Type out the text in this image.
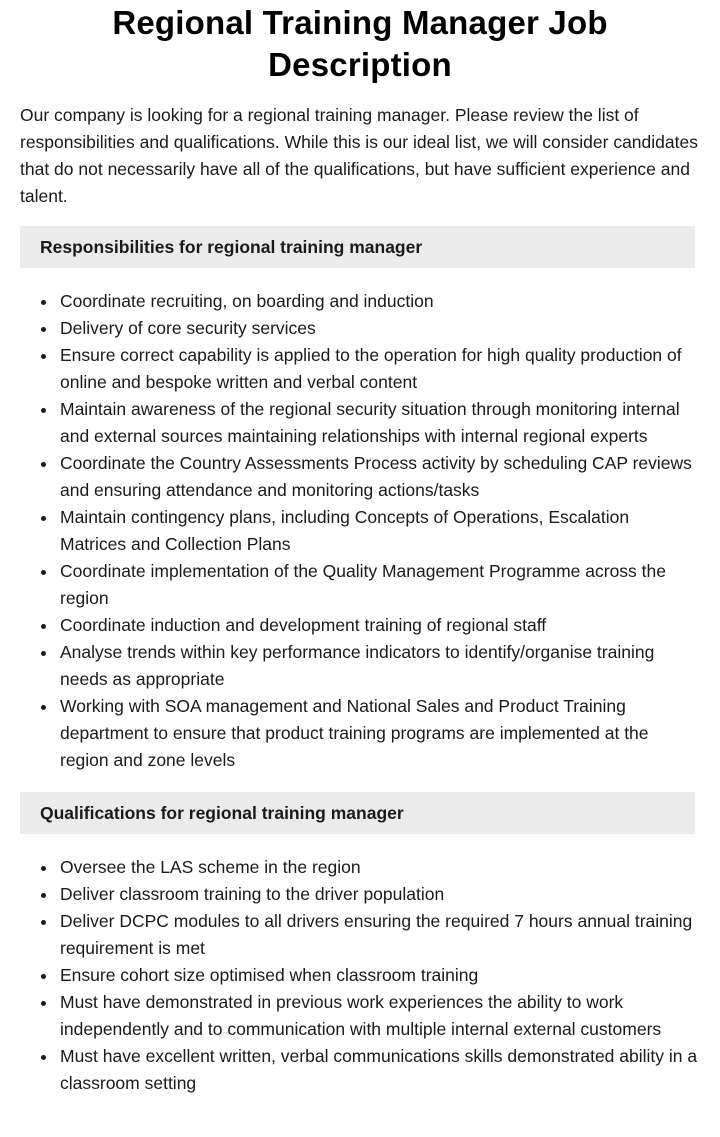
Regional Training Manager Job Description

Our company is looking for a regional training manager. Please review the list of responsibilities and qualifications. While this is our ideal list, we will consider candidates that do not necessarily have all of the qualifications, but have sufficient experience and talent.

Responsibilities for regional training manager
Coordinate recruiting, on boarding and induction
Delivery of core security services
Ensure correct capability is applied to the operation for high quality production of online and bespoke written and verbal content
Maintain awareness of the regional security situation through monitoring internal and external sources maintaining relationships with internal regional experts
Coordinate the Country Assessments Process activity by scheduling CAP reviews and ensuring attendance and monitoring actions/tasks
Maintain contingency plans, including Concepts of Operations, Escalation Matrices and Collection Plans
Coordinate implementation of the Quality Management Programme across the region
Coordinate induction and development training of regional staff
Analyse trends within key performance indicators to identify/organise training needs as appropriate
Working with SOA management and National Sales and Product Training department to ensure that product training programs are implemented at the region and zone levels
Qualifications for regional training manager
Oversee the LAS scheme in the region
Deliver classroom training to the driver population
Deliver DCPC modules to all drivers ensuring the required 7 hours annual training requirement is met
Ensure cohort size optimised when classroom training
Must have demonstrated in previous work experiences the ability to work independently and to communication with multiple internal external customers
Must have excellent written, verbal communications skills demonstrated ability in a classroom setting
